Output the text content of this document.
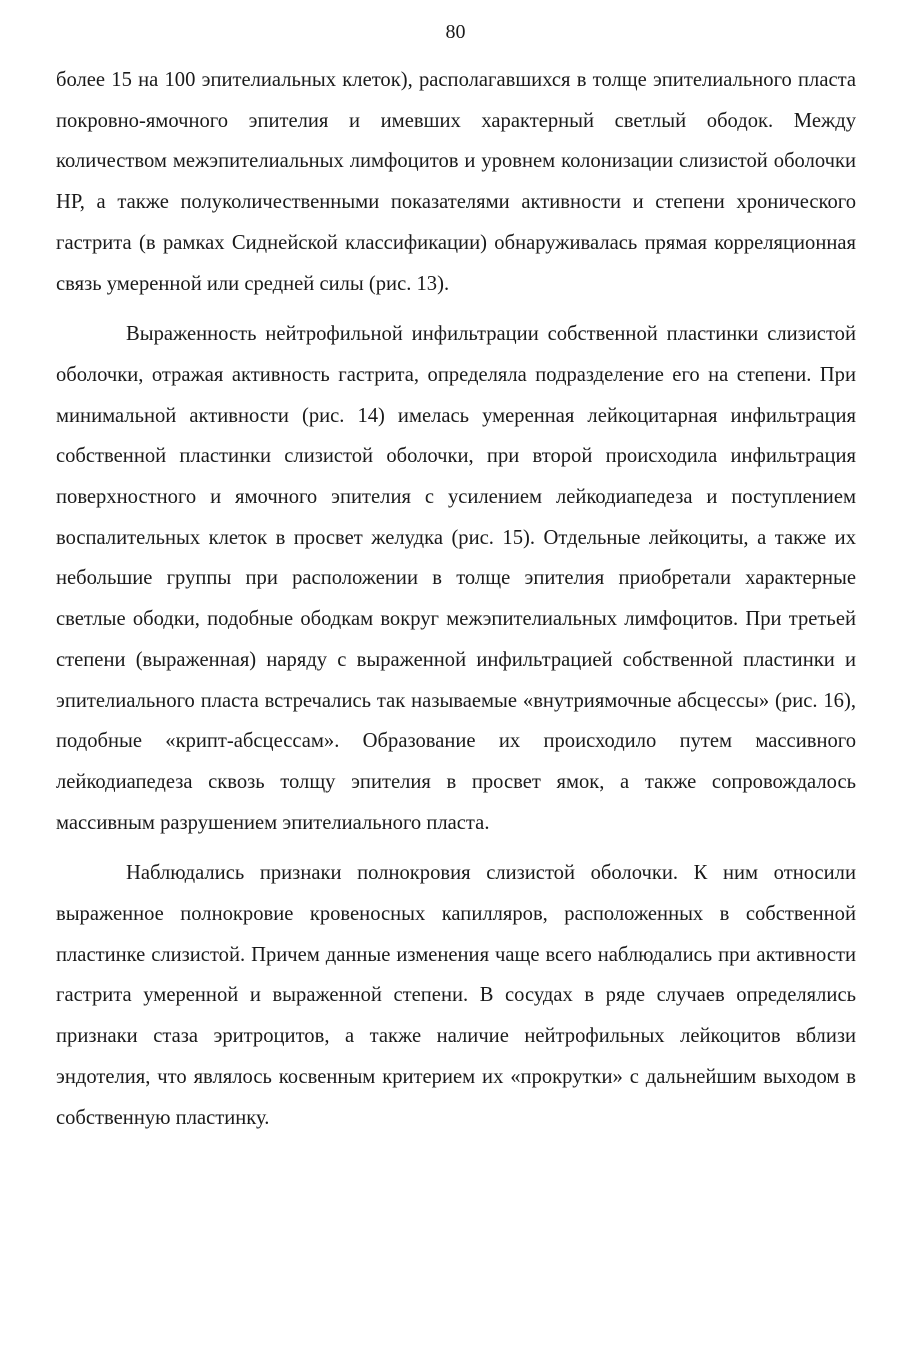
80

более 15 на 100 эпителиальных клеток), располагавшихся в толще эпителиального пласта покровно-ямочного эпителия и имевших характерный светлый ободок. Между количеством межэпителиальных лимфоцитов и уровнем колонизации слизистой оболочки НР, а также полуколичественными показателями активности и степени хронического гастрита (в рамках Сиднейской классификации) обнаруживалась прямая корреляционная связь умеренной или средней силы (рис. 13).

Выраженность нейтрофильной инфильтрации собственной пластинки слизистой оболочки, отражая активность гастрита, определяла подразделение его на степени. При минимальной активности (рис. 14) имелась умеренная лейкоцитарная инфильтрация собственной пластинки слизистой оболочки, при второй происходила инфильтрация поверхностного и ямочного эпителия с усилением лейкодиапедеза и поступлением воспалительных клеток в просвет желудка (рис. 15). Отдельные лейкоциты, а также их небольшие группы при расположении в толще эпителия приобретали характерные светлые ободки, подобные ободкам вокруг межэпителиальных лимфоцитов. При третьей степени (выраженная) наряду с выраженной инфильтрацией собственной пластинки и эпителиального пласта встречались так называемые «внутриямочные абсцессы» (рис. 16), подобные «крипт-абсцессам». Образование их происходило путем массивного лейкодиапедеза сквозь толщу эпителия в просвет ямок, а также сопровождалось массивным разрушением эпителиального пласта.

Наблюдались признаки полнокровия слизистой оболочки. К ним относили выраженное полнокровие кровеносных капилляров, расположенных в собственной пластинке слизистой. Причем данные изменения чаще всего наблюдались при активности гастрита умеренной и выраженной степени. В сосудах в ряде случаев определялись признаки стаза эритроцитов, а также наличие нейтрофильных лейкоцитов вблизи эндотелия, что являлось косвенным критерием их «прокрутки» с дальнейшим выходом в собственную пластинку.
